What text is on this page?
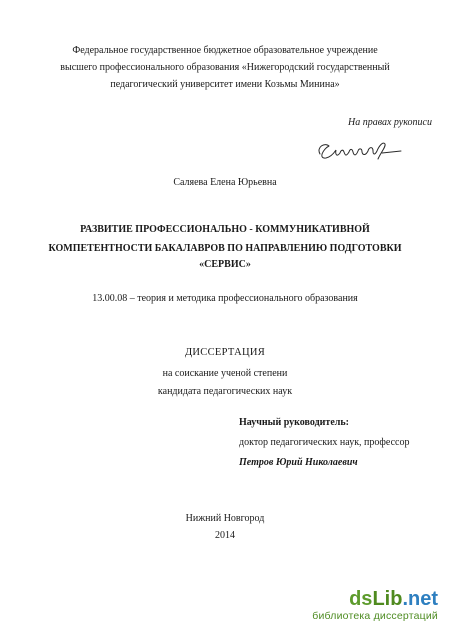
Федеральное государственное бюджетное образовательное учреждение
высшего профессионального образования «Нижегородский государственный
педагогический университет имени Козьмы Минина»
На правах рукописи
Саляева Елена Юрьевна
РАЗВИТИЕ ПРОФЕССИОНАЛЬНО - КОММУНИКАТИВНОЙ
КОМПЕТЕНТНОСТИ БАКАЛАВРОВ ПО НАПРАВЛЕНИЮ ПОДГОТОВКИ
«СЕРВИС»
13.00.08 – теория и методика профессионального образования
ДИССЕРТАЦИЯ
на соискание ученой степени
кандидата педагогических наук
Научный руководитель:
доктор педагогических наук, профессор
Петров Юрий Николаевич
Нижний Новгород
2014
dsLib.net
библиотека диссертаций
